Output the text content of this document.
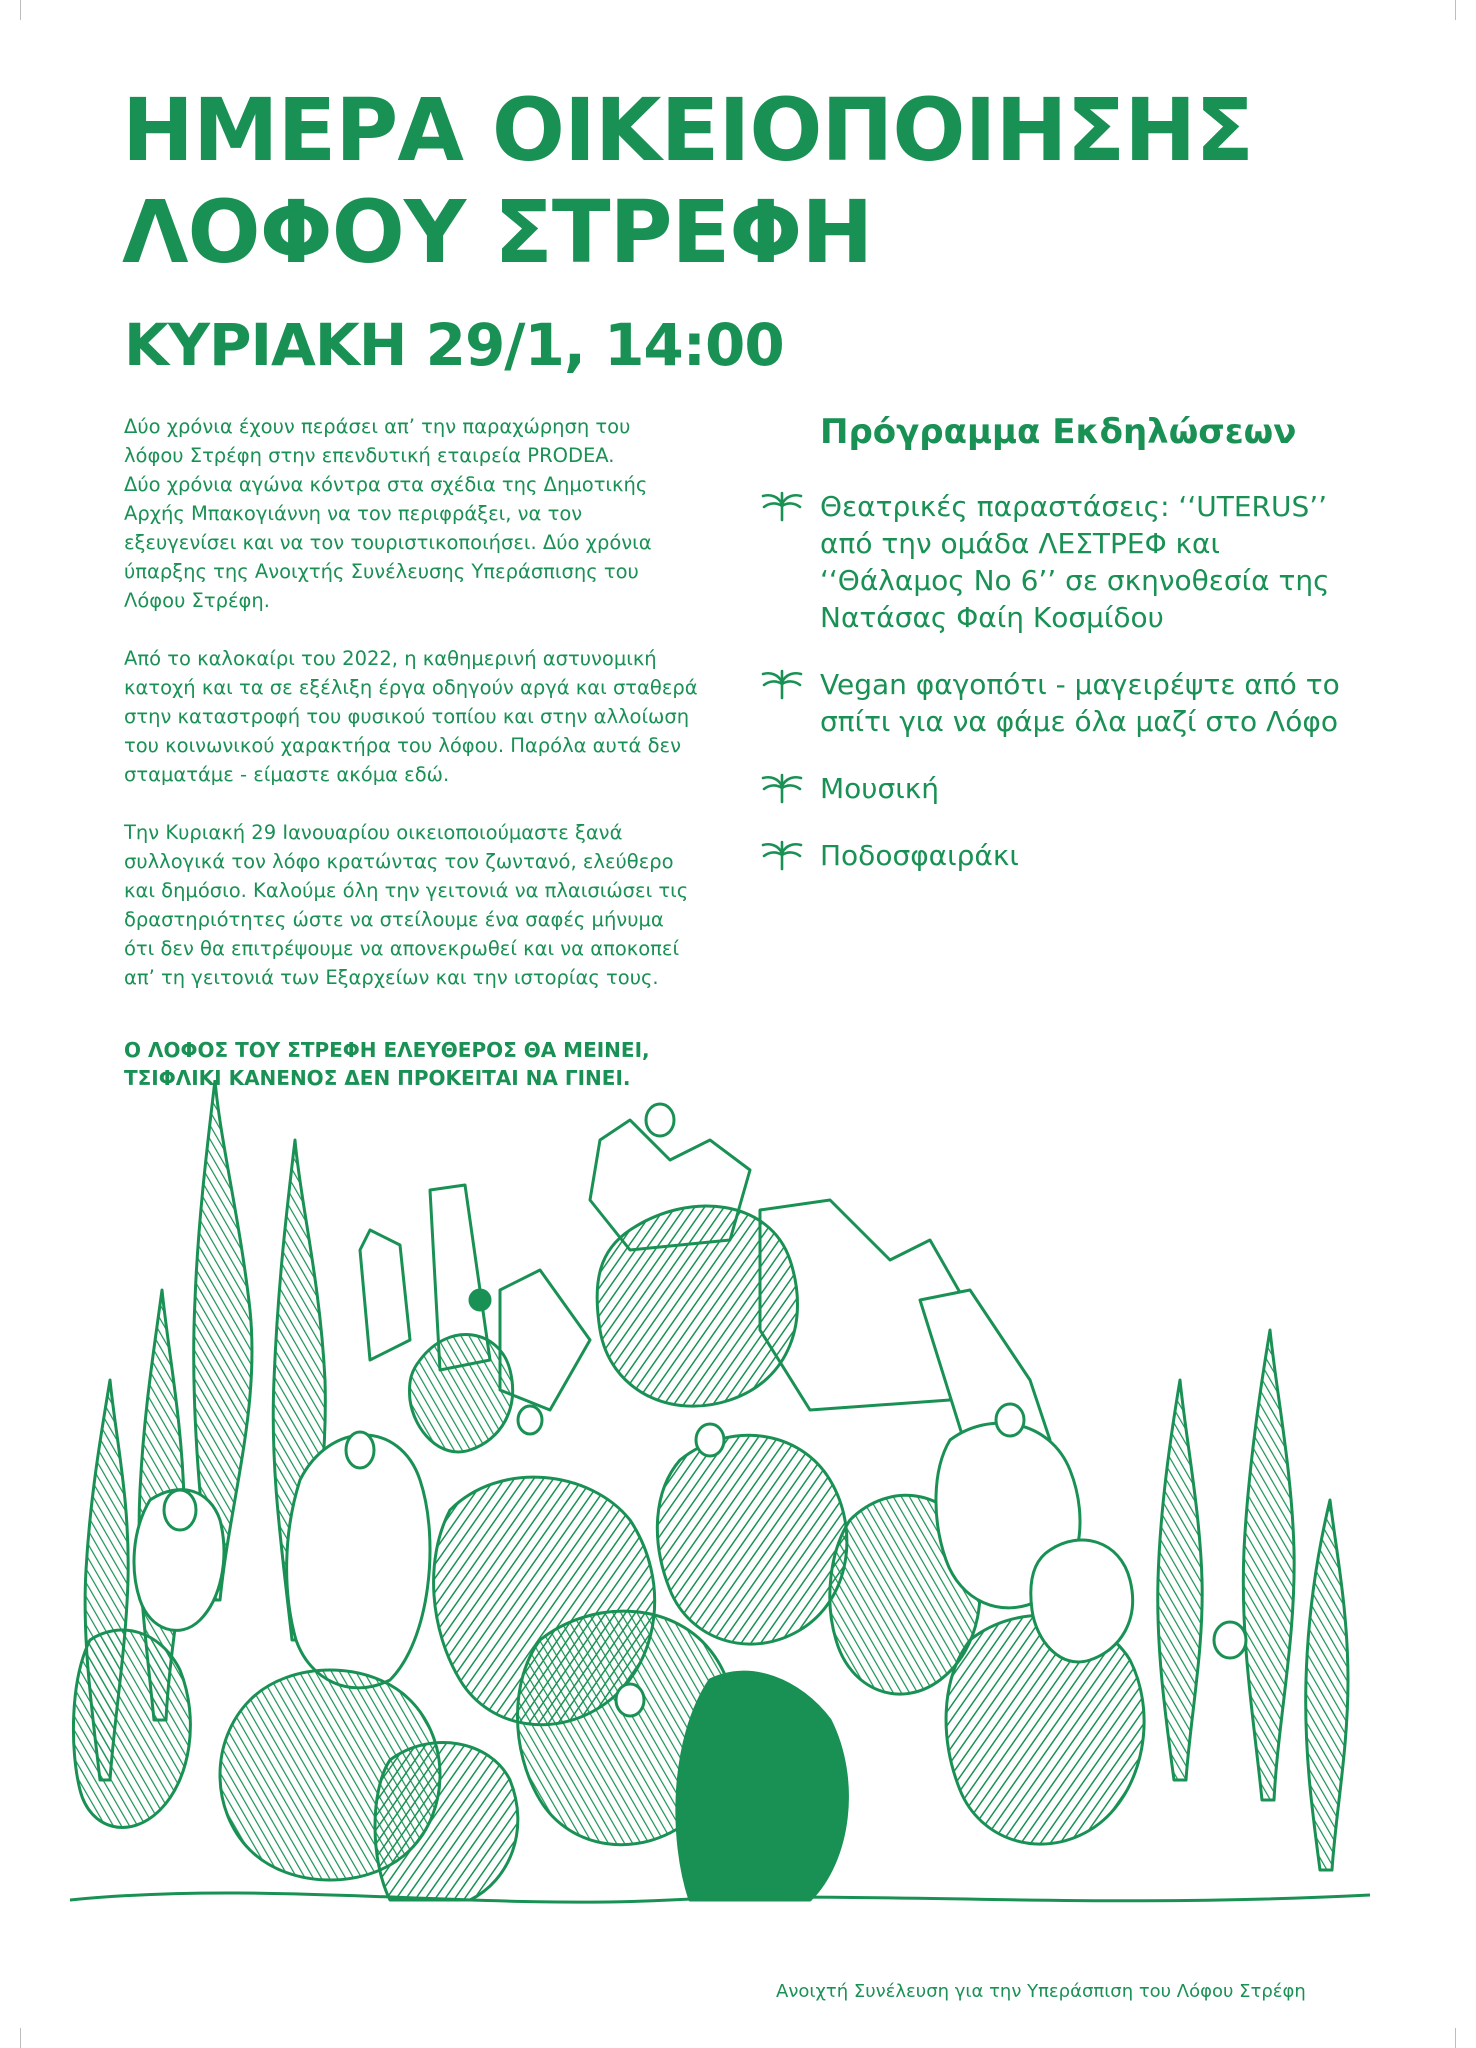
ΗΜΕΡΑ ΟΙΚΕΙΟΠΟΙΗΣΗΣ
ΛΟΦΟΥ ΣΤΡΕΦΗ
ΚΥΡΙΑΚΗ 29/1, 14:00

Δύο χρόνια έχουν περάσει απ’ την παραχώρηση του
λόφου Στρέφη στην επενδυτική εταιρεία PRODEA.
Δύο χρόνια αγώνα κόντρα στα σχέδια της Δημοτικής
Αρχής Μπακογιάννη να τον περιφράξει, να τον
εξευγενίσει και να τον τουριστικοποιήσει. Δύο χρόνια
ύπαρξης της Ανοιχτής Συνέλευσης Υπεράσπισης του
Λόφου Στρέφη.

Από το καλοκαίρι του 2022, η καθημερινή αστυνομική
κατοχή και τα σε εξέλιξη έργα οδηγούν αργά και σταθερά
στην καταστροφή του φυσικού τοπίου και στην αλλοίωση
του κοινωνικού χαρακτήρα του λόφου. Παρόλα αυτά δεν
σταματάμε - είμαστε ακόμα εδώ.

Την Κυριακή 29 Ιανουαρίου οικειοποιούμαστε ξανά
συλλογικά τον λόφο κρατώντας τον ζωντανό, ελεύθερο
και δημόσιο. Καλούμε όλη την γειτονιά να πλαισιώσει τις
δραστηριότητες ώστε να στείλουμε ένα σαφές μήνυμα
ότι δεν θα επιτρέψουμε να απονεκρωθεί και να αποκοπεί
απ’ τη γειτονιά των Εξαρχείων και την ιστορίας τους.

Ο ΛΟΦΟΣ ΤΟΥ ΣΤΡΕΦΗ ΕΛΕΥΘΕΡΟΣ ΘΑ ΜΕΙΝΕΙ,
ΤΣΙΦΛΙΚΙ ΚΑΝΕΝΟΣ ΔΕΝ ΠΡΟΚΕΙΤΑΙ ΝΑ ΓΙΝΕΙ.
Πρόγραμμα Εκδηλώσεων
Θεατρικές παραστάσεις: ‘‘UTERUS’’
από την ομάδα ΛΕΣΤΡΕΦ και
‘‘Θάλαμος Νο 6’’ σε σκηνοθεσία της
Νατάσας Φαίη Κοσμίδου
Vegan φαγοπότι - μαγειρέψτε από το
σπίτι για να φάμε όλα μαζί στο Λόφο
Μουσική
Ποδοσφαιράκι
Ανοιχτή Συνέλευση για την Υπεράσπιση του Λόφου Στρέφη
